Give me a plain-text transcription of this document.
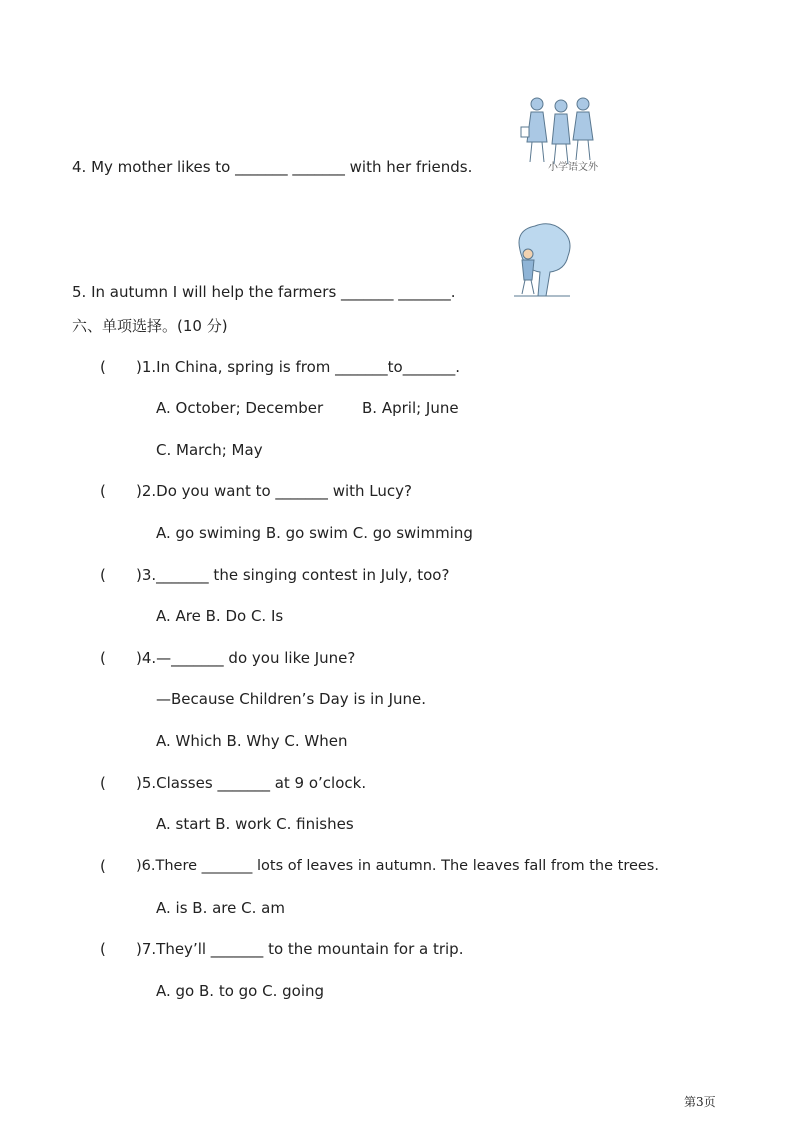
小学语文外
4. My mother likes to _______ _______ with her friends.
5. In autumn I will help the farmers _______ _______.
六、单项选择。(10 分)
( )1.In China, spring is from _______to_______.
A. October; December	B. April; June
C. March; May
( )2.Do you want to _______ with Lucy?
A. go swiming B. go swim C. go swimming
( )3._______ the singing contest in July, too?
A. Are B. Do C. Is
( )4.—_______ do you like June?
—Because Children’s Day is in June.
A. Which B. Why C. When
( )5.Classes _______ at 9 o’clock.
A. start B. work C. finishes
( )6.There _______ lots of leaves in autumn. The leaves fall from the trees.
A. is B. are C. am
( )7.They’ll _______ to the mountain for a trip.
A. go B. to go C. going
第3页
